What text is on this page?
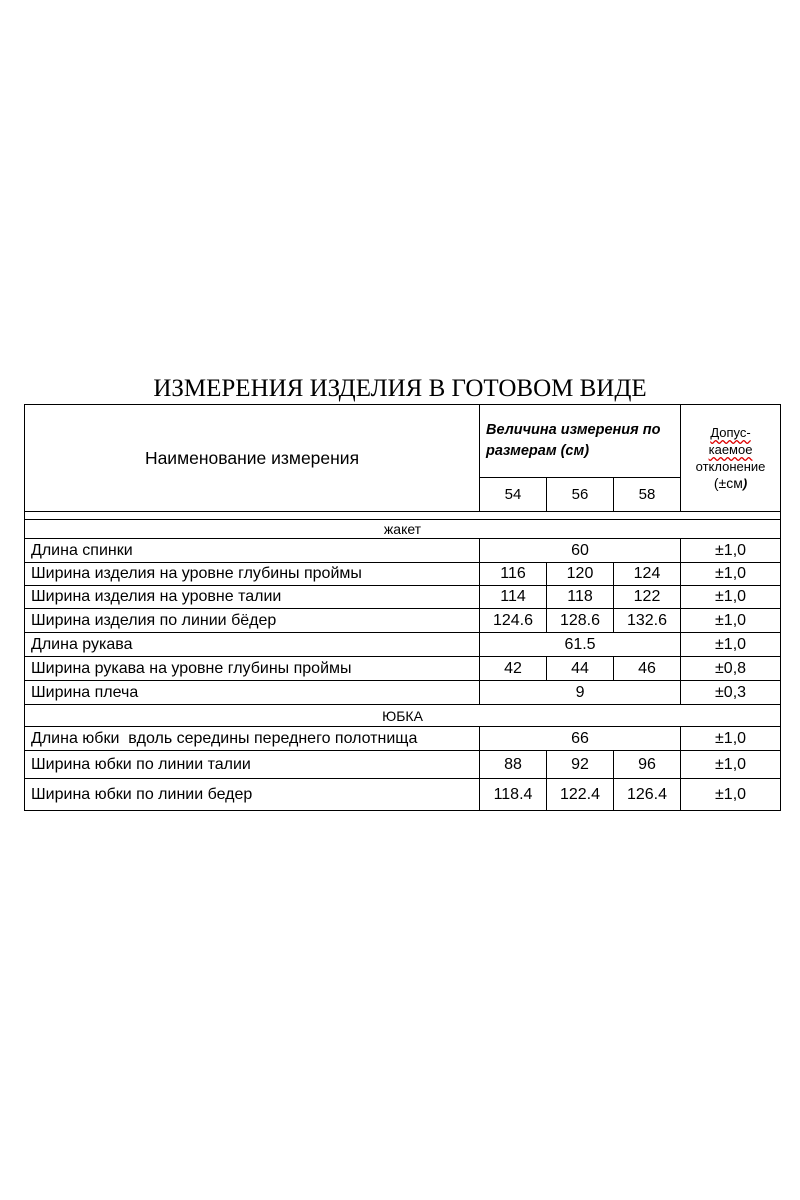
ИЗМЕРЕНИЯ ИЗДЕЛИЯ В ГОТОВОМ ВИДЕ
Наименование измерения	Величина измерения по размерам (см)			Допус-
каемое
отклонение
(±см)
	54	56	58	

жакет				
Длина спинки	60			±1,0
Ширина изделия на уровне глубины проймы	116	120	124	±1,0
Ширина изделия на уровне талии	114	118	122	±1,0
Ширина изделия по линии бёдер	124.6	128.6	132.6	±1,0
Длина рукава	61.5			±1,0
Ширина рукава на уровне глубины проймы	42	44	46	±0,8
Ширина плеча	9			±0,3
ЮБКА				
Длина юбки  вдоль середины переднего полотнища	66			±1,0
Ширина юбки по линии талии	88	92	96	±1,0
Ширина юбки по линии бедер	118.4	122.4	126.4	±1,0
